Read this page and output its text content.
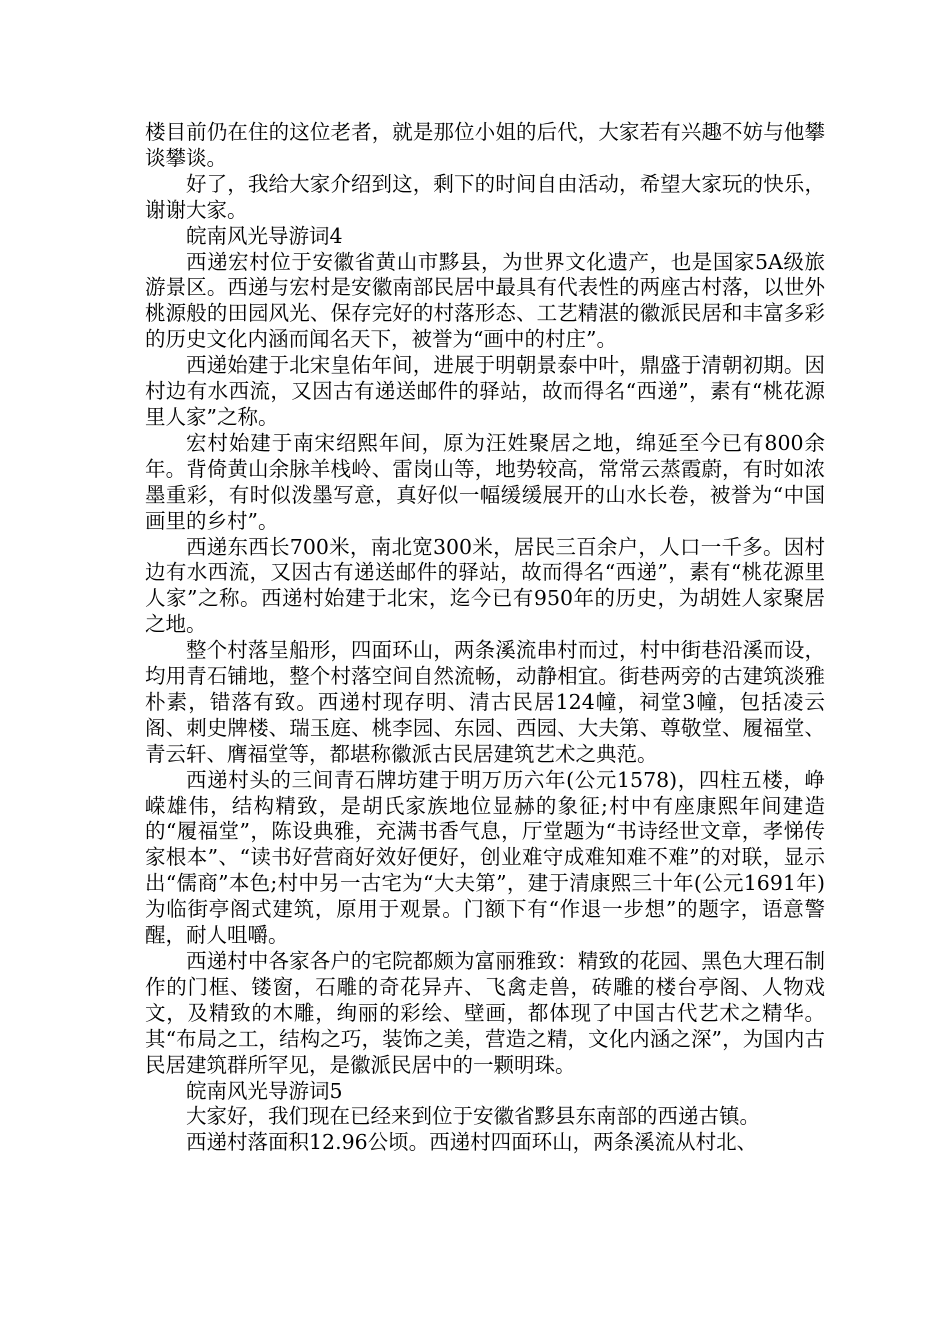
楼目前仍在住的这位老者，就是那位小姐的后代，大家若有兴趣不妨与他攀谈攀谈。

好了，我给大家介绍到这，剩下的时间自由活动，希望大家玩的快乐，谢谢大家。

皖南风光导游词4

西递宏村位于安徽省黄山市黟县，为世界文化遗产，也是国家5A级旅游景区。西递与宏村是安徽南部民居中最具有代表性的两座古村落，以世外桃源般的田园风光、保存完好的村落形态、工艺精湛的徽派民居和丰富多彩的历史文化内涵而闻名天下，被誉为“画中的村庄”。

西递始建于北宋皇佑年间，进展于明朝景泰中叶，鼎盛于清朝初期。因村边有水西流，又因古有递送邮件的驿站，故而得名“西递”，素有“桃花源里人家”之称。

宏村始建于南宋绍熙年间，原为汪姓聚居之地，绵延至今已有800余年。背倚黄山余脉羊栈岭、雷岗山等，地势较高，常常云蒸霞蔚，有时如浓墨重彩，有时似泼墨写意，真好似一幅缓缓展开的山水长卷，被誉为“中国画里的乡村”。

西递东西长700米，南北宽300米，居民三百余户，人口一千多。因村边有水西流，又因古有递送邮件的驿站，故而得名“西递”，素有“桃花源里人家”之称。西递村始建于北宋，迄今已有950年的历史，为胡姓人家聚居之地。

整个村落呈船形，四面环山，两条溪流串村而过，村中街巷沿溪而设，均用青石铺地，整个村落空间自然流畅，动静相宜。街巷两旁的古建筑淡雅朴素，错落有致。西递村现存明、清古民居124幢，祠堂3幢，包括凌云阁、刺史牌楼、瑞玉庭、桃李园、东园、西园、大夫第、尊敬堂、履福堂、青云轩、膺福堂等，都堪称徽派古民居建筑艺术之典范。

西递村头的三间青石牌坊建于明万历六年(公元1578)，四柱五楼，峥嵘雄伟，结构精致，是胡氏家族地位显赫的象征;村中有座康熙年间建造的“履福堂”，陈设典雅，充满书香气息，厅堂题为“书诗经世文章，孝悌传家根本”、“读书好营商好效好便好，创业难守成难知难不难”的对联，显示出“儒商”本色;村中另一古宅为“大夫第”，建于清康熙三十年(公元1691年)为临街亭阁式建筑，原用于观景。门额下有“作退一步想”的题字，语意警醒，耐人咀嚼。

西递村中各家各户的宅院都颇为富丽雅致：精致的花园、黑色大理石制作的门框、镂窗，石雕的奇花异卉、飞禽走兽，砖雕的楼台亭阁、人物戏文，及精致的木雕，绚丽的彩绘、壁画，都体现了中国古代艺术之精华。其“布局之工，结构之巧，装饰之美，营造之精，文化内涵之深”，为国内古民居建筑群所罕见，是徽派民居中的一颗明珠。

皖南风光导游词5

大家好，我们现在已经来到位于安徽省黟县东南部的西递古镇。

西递村落面积12.96公顷。西递村四面环山，两条溪流从村北、
